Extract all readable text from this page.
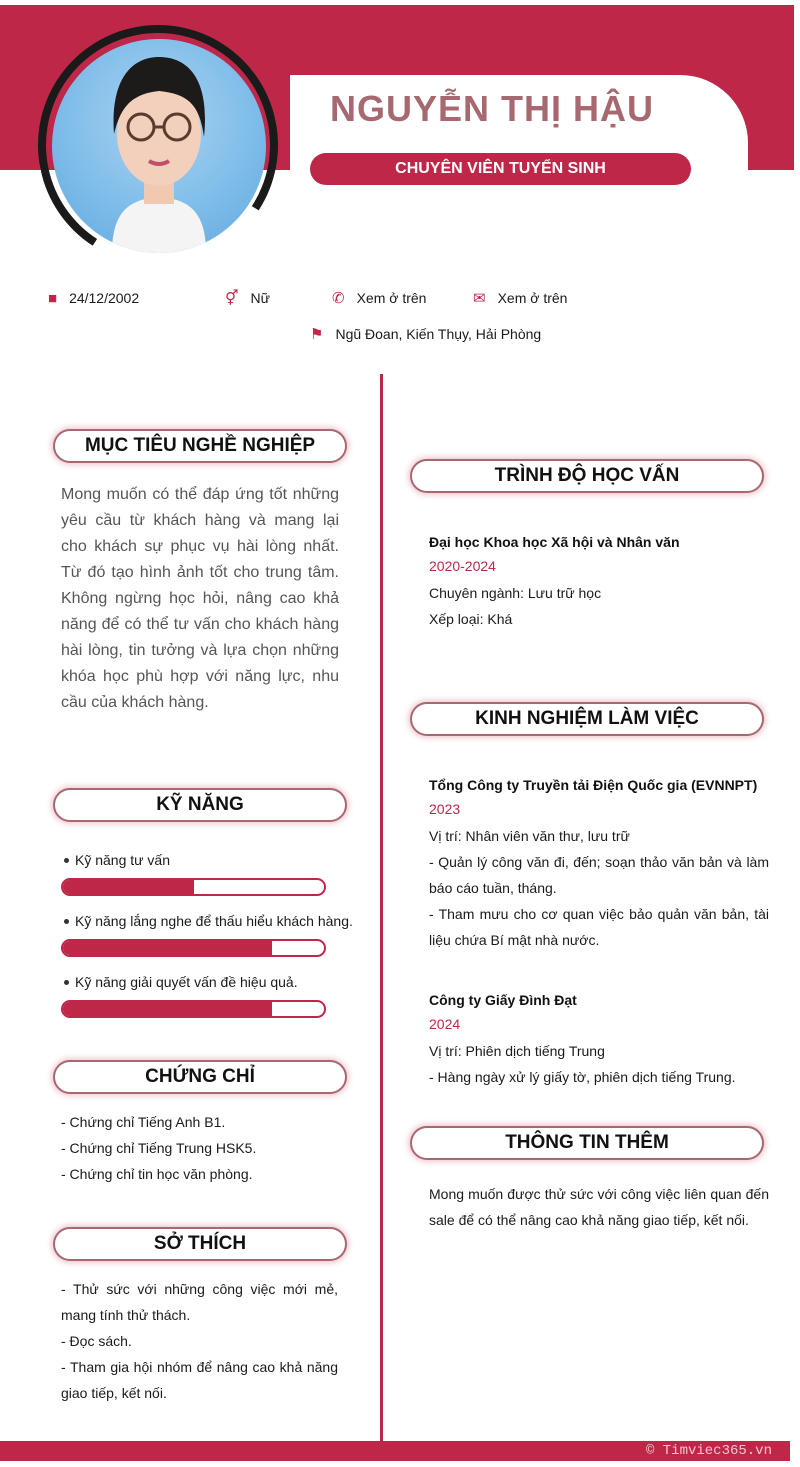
NGUYỄN THỊ HẬU
CHUYÊN VIÊN TUYỂN SINH
■ 24/12/2002	⚥ Nữ	✆ Xem ở trên	✉ Xem ở trên
⚑ Ngũ Đoan, Kiến Thụy, Hải Phòng
MỤC TIÊU NGHỀ NGHIỆP
Mong muốn có thể đáp ứng tốt những yêu cầu từ khách hàng và mang lại cho khách sự phục vụ hài lòng nhất. Từ đó tạo hình ảnh tốt cho trung tâm. Không ngừng học hỏi, nâng cao khả năng để có thể tư vấn cho khách hàng hài lòng, tin tưởng và lựa chọn những khóa học phù hợp với năng lực, nhu cầu của khách hàng.
KỸ NĂNG
Kỹ năng tư vấn
Kỹ năng lắng nghe để thấu hiểu khách hàng.
Kỹ năng giải quyết vấn đề hiệu quả.
CHỨNG CHỈ
- Chứng chỉ Tiếng Anh B1.
- Chứng chỉ Tiếng Trung HSK5.
- Chứng chỉ tin học văn phòng.
SỞ THÍCH
- Thử sức với những công việc mới mẻ, mang tính thử thách.
- Đọc sách.
- Tham gia hội nhóm để nâng cao khả năng giao tiếp, kết nối.
TRÌNH ĐỘ HỌC VẤN
Đại học Khoa học Xã hội và Nhân văn
2020-2024
Chuyên ngành: Lưu trữ học
Xếp loại: Khá
KINH NGHIỆM LÀM VIỆC
Tổng Công ty Truyền tải Điện Quốc gia (EVNNPT)
2023
Vị trí: Nhân viên văn thư, lưu trữ
- Quản lý công văn đi, đến; soạn thảo văn bản và làm báo cáo tuần, tháng.
- Tham mưu cho cơ quan việc bảo quản văn bản, tài liệu chứa Bí mật nhà nước.
Công ty Giấy Đình Đạt
2024
Vị trí: Phiên dịch tiếng Trung
- Hàng ngày xử lý giấy tờ, phiên dịch tiếng Trung.
THÔNG TIN THÊM
Mong muốn được thử sức với công việc liên quan đến sale để có thể nâng cao khả năng giao tiếp, kết nối.
© Timviec365.vn
